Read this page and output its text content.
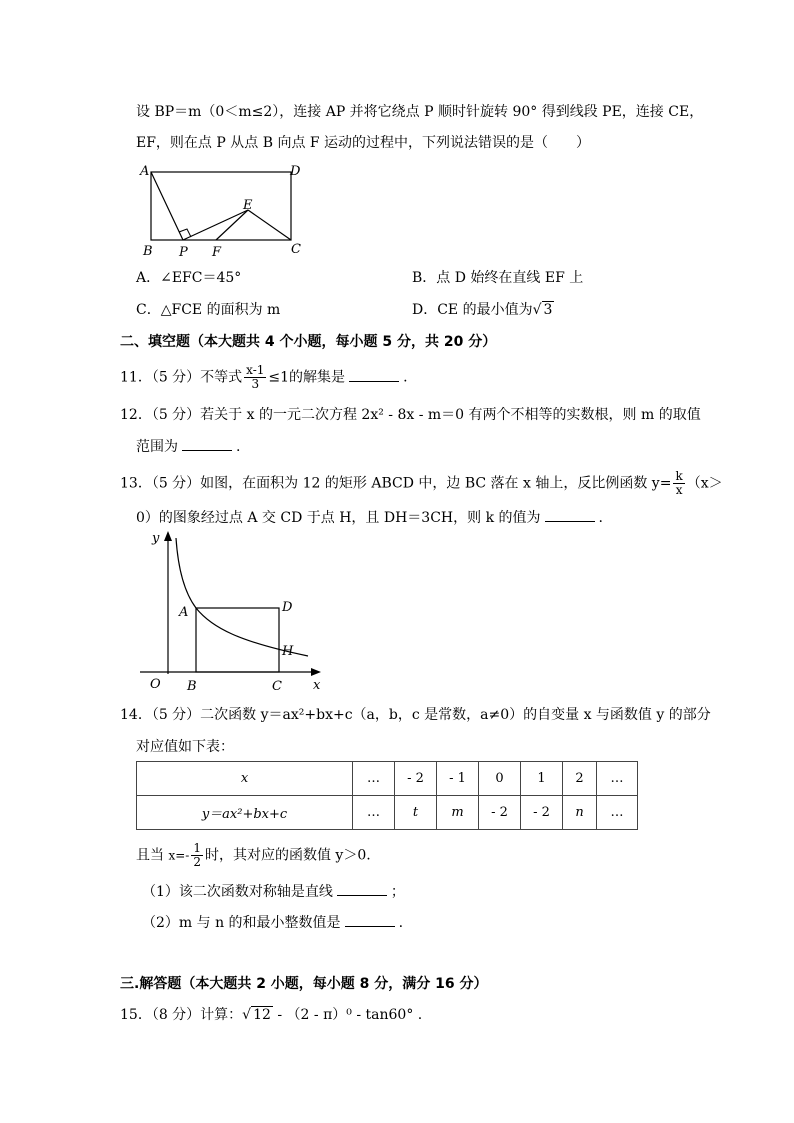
设 BP＝m（0＜m≤2），连接 AP 并将它绕点 P 顺时针旋转 90° 得到线段 PE，连接 CE，
EF，则在点 P 从点 B 向点 F 运动的过程中，下列说法错误的是（　　）
A	D
E
B P F	C
A．∠EFC＝45°	B．点 D 始终在直线 EF 上
C．△FCE 的面积为 m	D．CE 的最小值为√ 3
二、填空题（本大题共 4 个小题，每小题 5 分，共 20 分）
11．（5 分）不等式 $\frac{x-1}{3} \le 1$的解集是	.
12．（5 分）若关于 x 的一元二次方程 2x² - 8x - m＝0 有两个不相等的实数根，则 m 的取值
范围为	.
13．（5 分）如图，在面积为 12 的矩形 ABCD 中，边 BC 落在 x 轴上，反比例函数 $y= \frac{k}{x} (x>$
0）的图象经过点 A 交 CD 于点 H，且 DH＝3CH，则 k 的值为	.
y
x
O
A
B	C
D
H
14．（5 分）二次函数 y＝ax²+bx+c（a，b，c 是常数，a≠0）的自变量 x 与函数值 y 的部分
对应值如下表：
x	…	- 2	- 1	0	1	2	…
y＝ax²+bx+c	…	t	m	- 2	- 2	n	…
且当 $x=- \frac{1}{2}$ 时，其对应的函数值 y＞0.
（1）该二次函数对称轴是直线	；
（2）m 与 n 的和最小整数值是	.
三.解答题（本大题共 2 小题，每小题 8 分，满分 16 分）
15．（8 分）计算：√ 12 - （2 - π）⁰ - tan60° .
